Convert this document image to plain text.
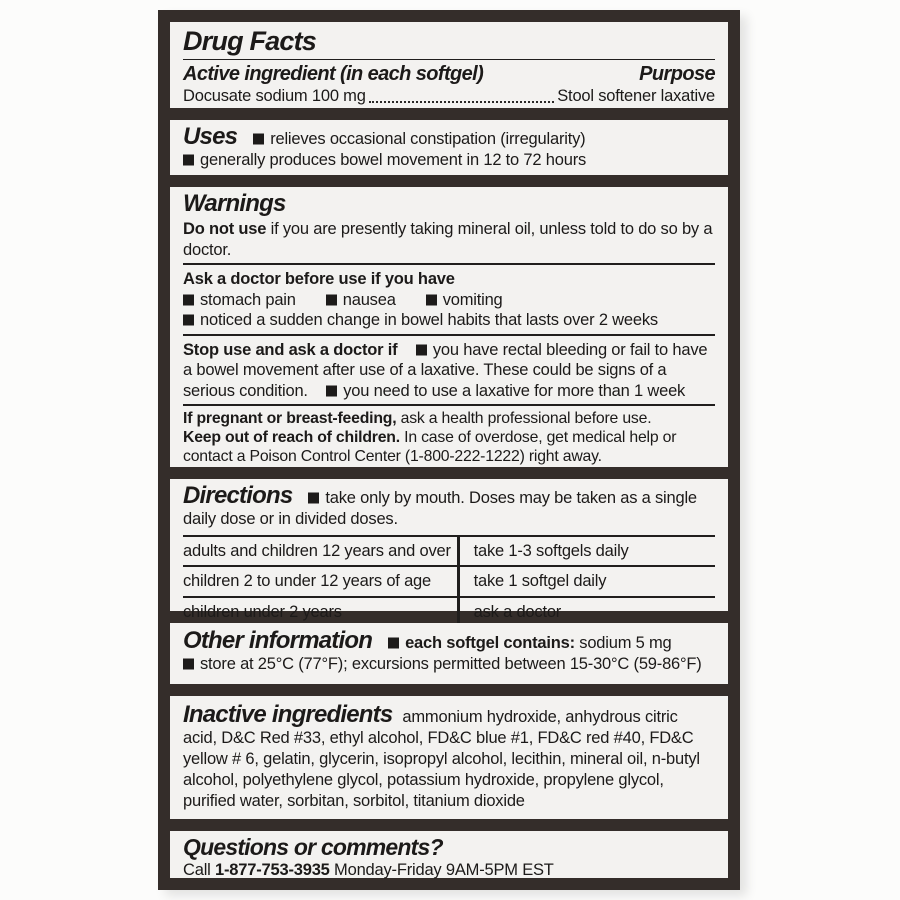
Drug Facts
Active ingredient (in each softgel)	Purpose
Docusate sodium 100 mg	Stool softener laxative

Uses relieves occasional constipation (irregularity)

generally produces bowel movement in 12 to 72 hours

Warnings

Do not use if you are presently taking mineral oil, unless told to do so by a doctor.

Ask a doctor before use if you have

stomach pain	nausea	vomiting

noticed a sudden change in bowel habits that lasts over 2 weeks

Stop use and ask a doctor if you have rectal bleeding or fail to have a bowel movement after use of a laxative. These could be signs of a serious condition. you need to use a laxative for more than 1 week

If pregnant or breast-feeding, ask a health professional before use.
Keep out of reach of children. In case of overdose, get medical help or contact a Poison Control Center (1-800-222-1222) right away.

Directions take only by mouth. Doses may be taken as a single daily dose or in divided doses.

adults and children 12 years and over	take 1-3 softgels daily
children 2 to under 12 years of age	take 1 softgel daily
children under 2 years	ask a doctor

Other information each softgel contains: sodium 5 mg

store at 25°C (77°F); excursions permitted between 15-30°C (59-86°F)

Inactive ingredients ammonium hydroxide, anhydrous citric acid, D&C Red #33, ethyl alcohol, FD&C blue #1, FD&C red #40, FD&C yellow # 6, gelatin, glycerin, isopropyl alcohol, lecithin, mineral oil, n-butyl alcohol, polyethylene glycol, potassium hydroxide, propylene glycol, purified water, sorbitan, sorbitol, titanium dioxide

Questions or comments?
Call 1-877-753-3935 Monday-Friday 9AM-5PM EST
